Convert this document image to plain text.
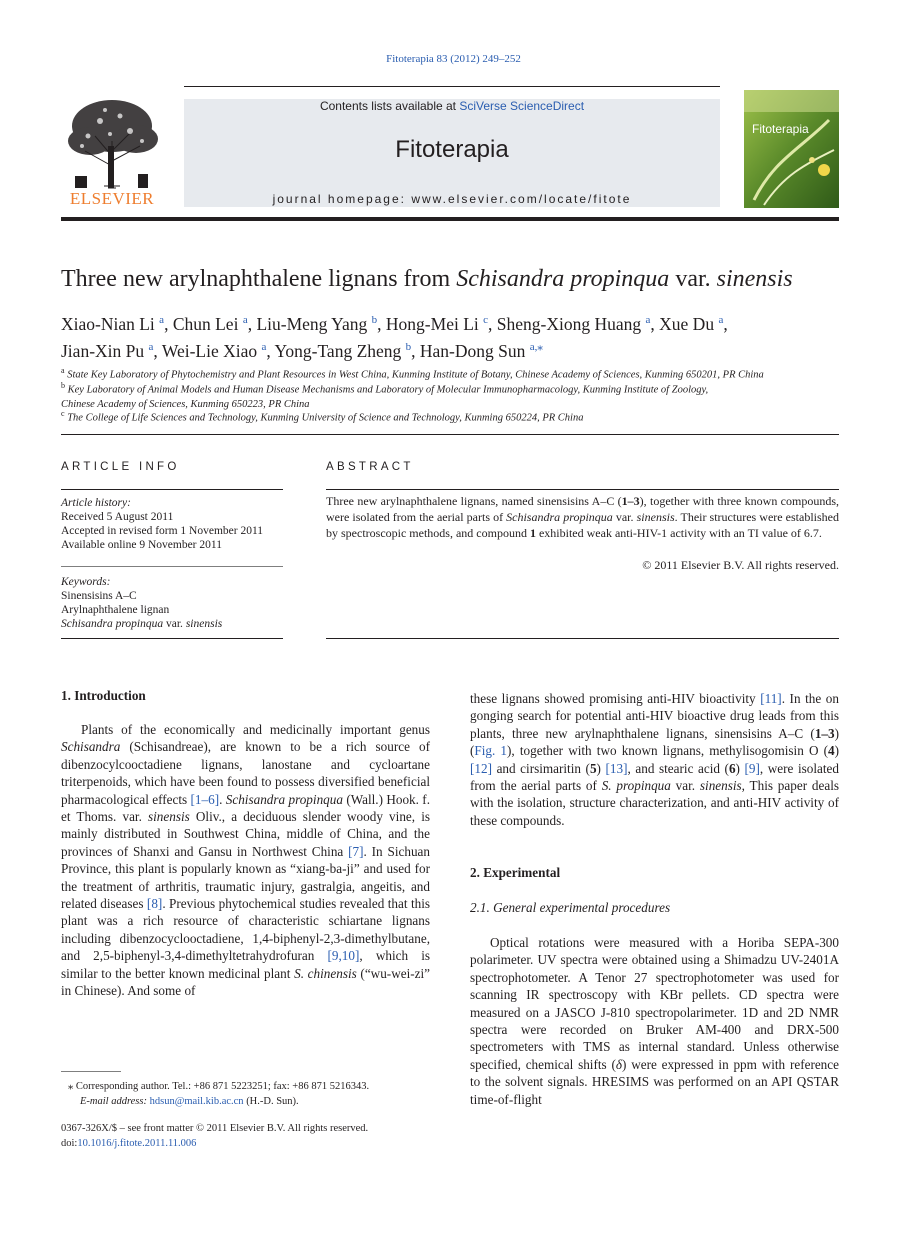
Fitoterapia 83 (2012) 249–252
ELSEVIER
Contents lists available at SciVerse ScienceDirect
Fitoterapia
journal homepage: www.elsevier.com/locate/fitote
Fitoterapia
Three new arylnaphthalene lignans from Schisandra propinqua var. sinensis
Xiao-Nian Li $^a$, Chun Lei $^a$, Liu-Meng Yang $^b$, Hong-Mei Li $^c$, Sheng-Xiong Huang $^a$, Xue Du $^a$,
Jian-Xin Pu $^a$, Wei-Lie Xiao $^a$, Yong-Tang Zheng $^b$, Han-Dong Sun $^{a,⁎}$
$^a$ State Key Laboratory of Phytochemistry and Plant Resources in West China, Kunming Institute of Botany, Chinese Academy of Sciences, Kunming 650201, PR China
$^b$ Key Laboratory of Animal Models and Human Disease Mechanisms and Laboratory of Molecular Immunopharmacology, Kunming Institute of Zoology,
Chinese Academy of Sciences, Kunming 650223, PR China
$^c$ The College of Life Sciences and Technology, Kunming University of Science and Technology, Kunming 650224, PR China
ARTICLE INFO
Article history:
Received 5 August 2011
Accepted in revised form 1 November 2011
Available online 9 November 2011
Keywords:
Sinensisins A–C
Arylnaphthalene lignan
Schisandra propinqua var. sinensis
ABSTRACT
Three new arylnaphthalene lignans, named sinensisins A–C (1–3), together with three known compounds, were isolated from the aerial parts of Schisandra propinqua var. sinensis. Their structures were established by spectroscopic methods, and compound 1 exhibited weak anti-HIV-1 activity with an TI value of 6.7.
© 2011 Elsevier B.V. All rights reserved.
1. Introduction

Plants of the economically and medicinally important genus Schisandra (Schisandreae), are known to be a rich source of dibenzocylcooctadiene lignans, lanostane and cycloartane triterpenoids, which have been found to possess diversified beneficial pharmacological effects [1–6]. Schisandra propinqua (Wall.) Hook. f. et Thoms. var. sinensis Oliv., a deciduous slender woody vine, is mainly distributed in Southwest China, middle of China, and the provinces of Shanxi and Gansu in Northwest China [7]. In Sichuan Province, this plant is popularly known as “xiang-ba-ji” and used for the treatment of arthritis, traumatic injury, gastralgia, angeitis, and related diseases [8]. Previous phytochemical studies revealed that this plant was a rich resource of characteristic schiartane lignans including dibenzocyclooctadiene, 1,4-biphenyl-2,3-dimethylbutane, and 2,5-biphenyl-3,4-dimethyltetrahydrofuran [9,10], which is similar to the better known medicinal plant S. chinensis (“wu-wei-zi” in Chinese). And some of

⁎ Corresponding author. Tel.: +86 871 5223251; fax: +86 871 5216343.
E-mail address: hdsun@mail.kib.ac.cn (H.-D. Sun).
0367-326X/$ – see front matter © 2011 Elsevier B.V. All rights reserved.
doi:10.1016/j.fitote.2011.11.006

these lignans showed promising anti-HIV bioactivity [11]. In the on gonging search for potential anti-HIV bioactive drug leads from this plants, three new arylnaphthalene lignans, sinensisins A–C (1–3) (Fig. 1), together with two known lignans, methylisogomisin O (4) [12] and cirsimaritin (5) [13], and stearic acid (6) [9], were isolated from the aerial parts of S. propinqua var. sinensis, This paper deals with the isolation, structure characterization, and anti-HIV activity of these compounds.

2. Experimental
2.1. General experimental procedures

Optical rotations were measured with a Horiba SEPA-300 polarimeter. UV spectra were obtained using a Shimadzu UV-2401A spectrophotometer. A Tenor 27 spectrophotometer was used for scanning IR spectroscopy with KBr pellets. CD spectra were measured on a JASCO J-810 spectropolarimeter. 1D and 2D NMR spectra were recorded on Bruker AM-400 and DRX-500 spectrometers with TMS as internal standard. Unless otherwise specified, chemical shifts (δ) were expressed in ppm with reference to the solvent signals. HRESIMS was performed on an API QSTAR time-of-flight
